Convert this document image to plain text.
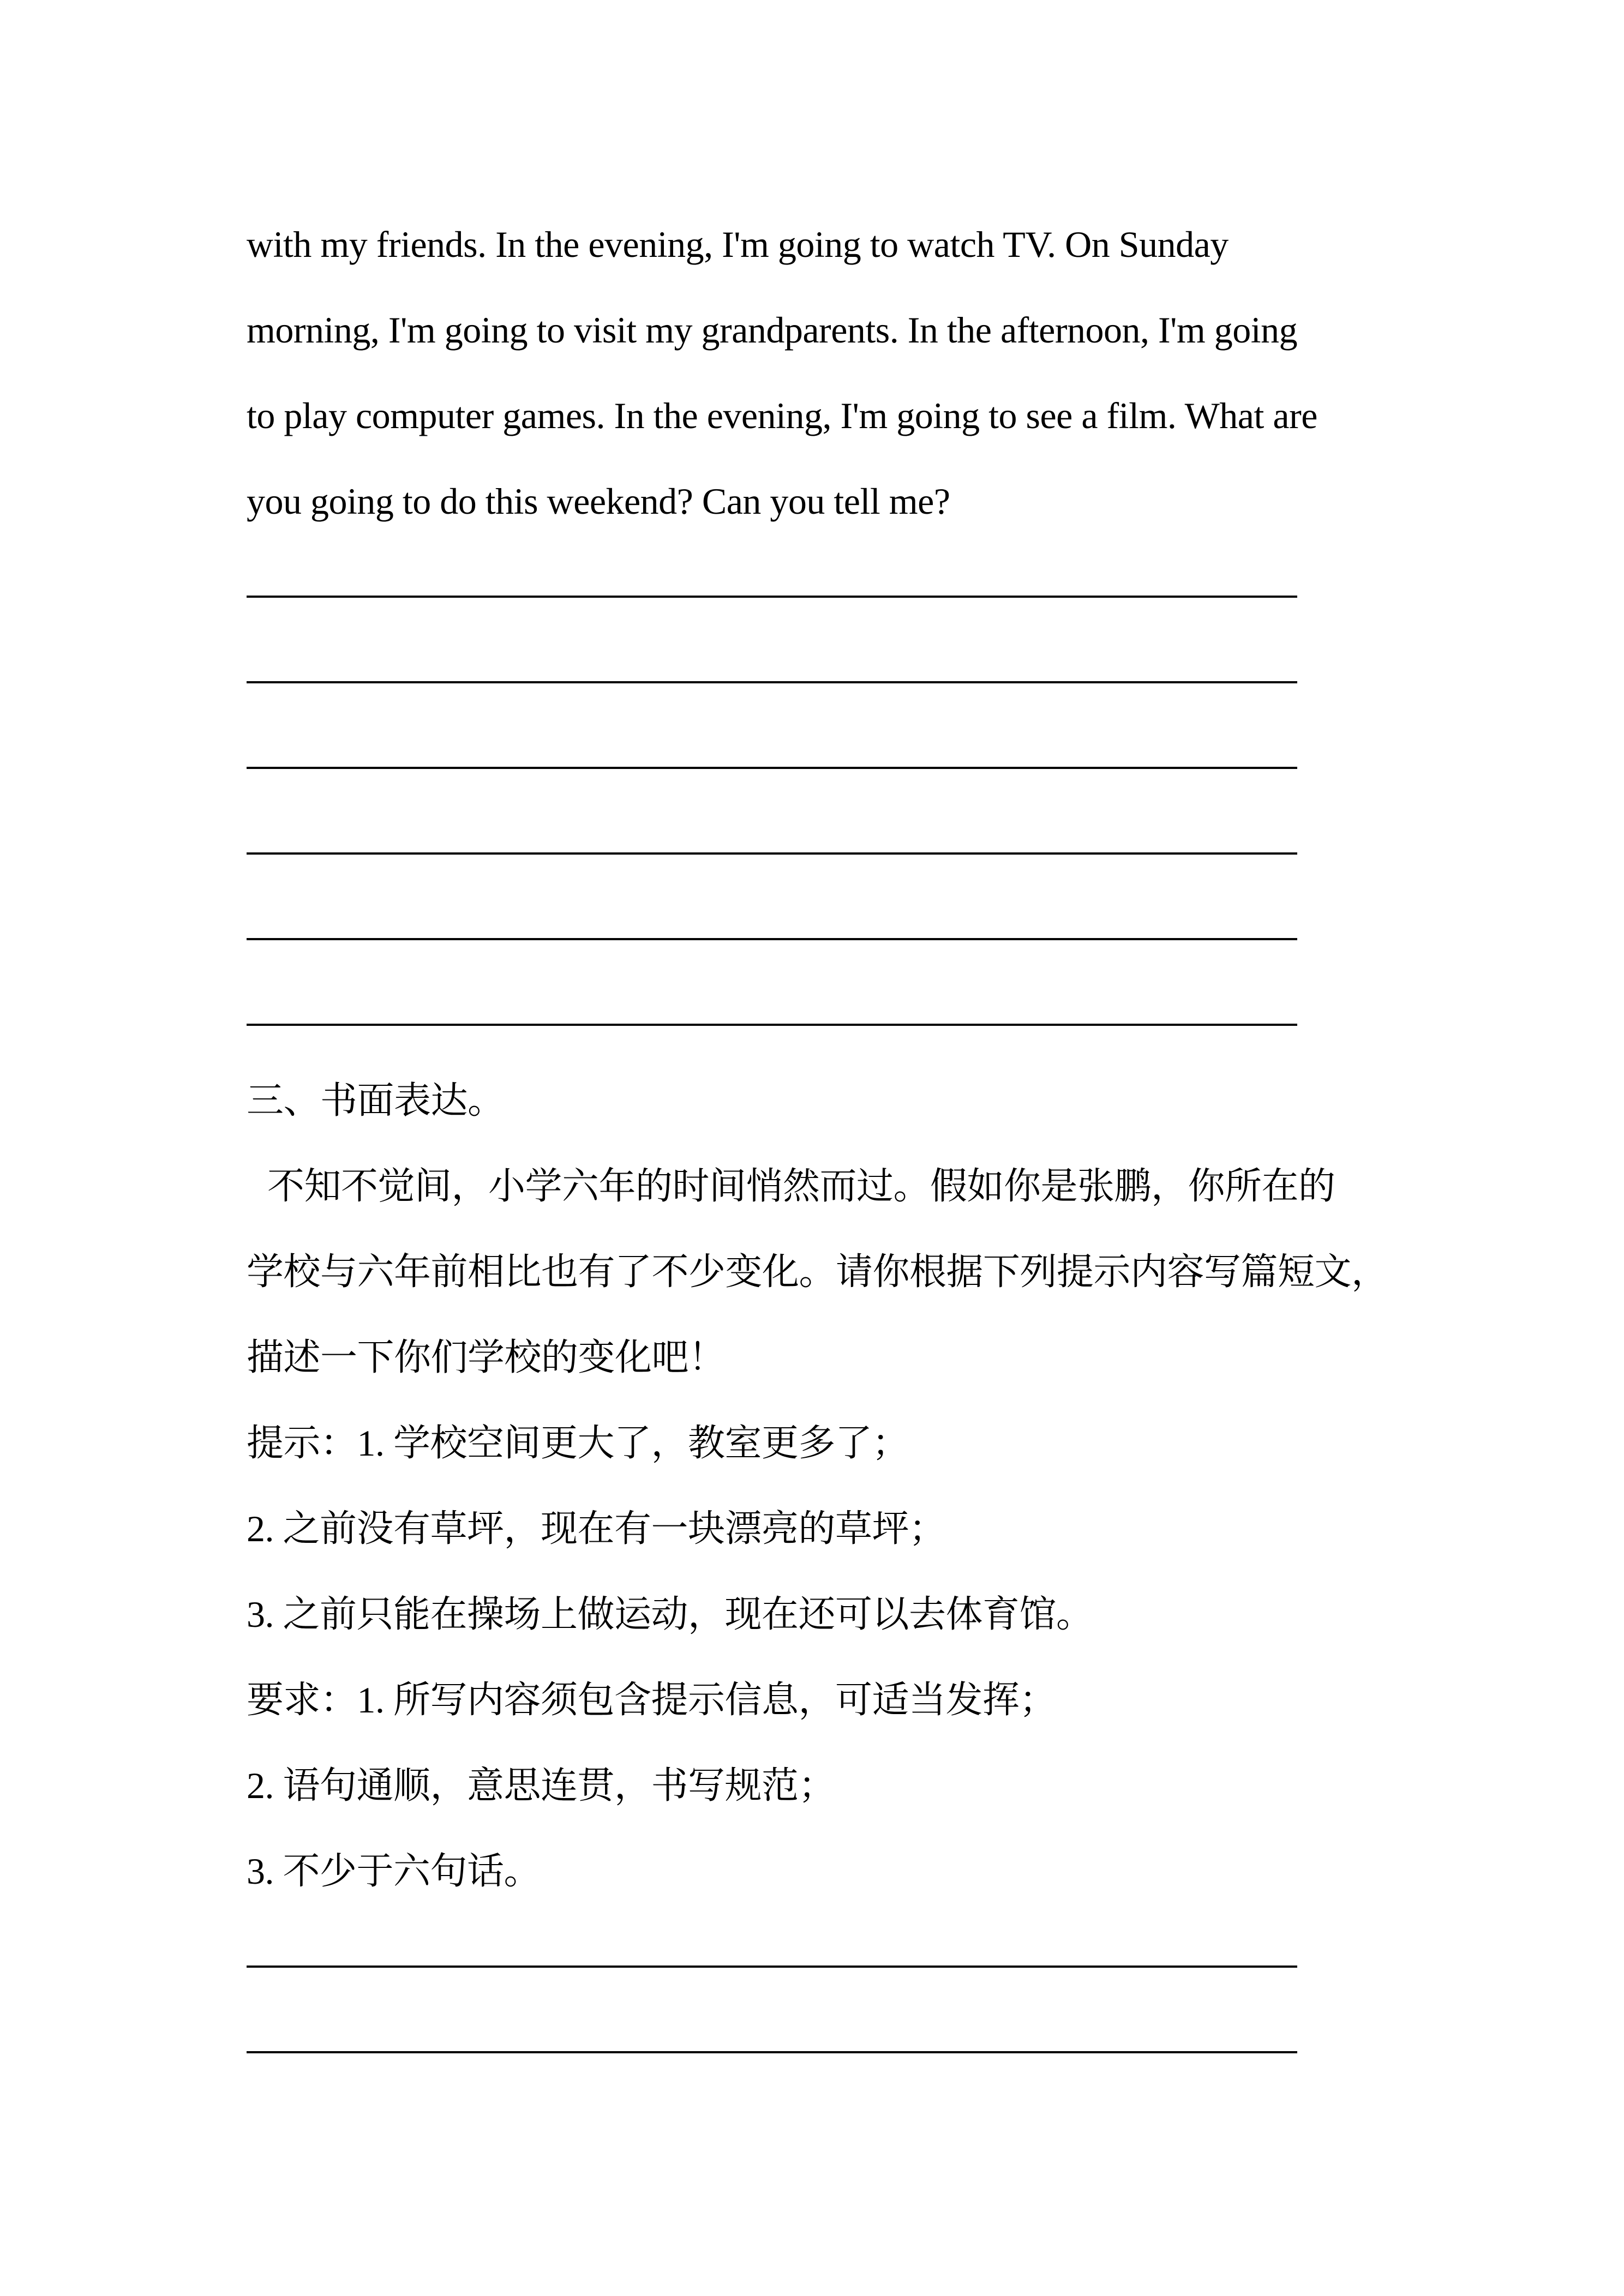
with my friends. In the evening, I'm going to watch TV. On Sunday
morning, I'm going to visit my grandparents. In the afternoon, I'm going
to play computer games. In the evening, I'm going to see a film. What are
you going to do this weekend? Can you tell me?
三、书面表达。
不知不觉间，小学六年的时间悄然而过。假如你是张鹏，你所在的
学校与六年前相比也有了不少变化。请你根据下列提示内容写篇短文，
描述一下你们学校的变化吧！
提示：1. 学校空间更大了，教室更多了；
2. 之前没有草坪，现在有一块漂亮的草坪；
3. 之前只能在操场上做运动，现在还可以去体育馆。
要求：1. 所写内容须包含提示信息，可适当发挥；
2. 语句通顺，意思连贯，书写规范；
3. 不少于六句话。
